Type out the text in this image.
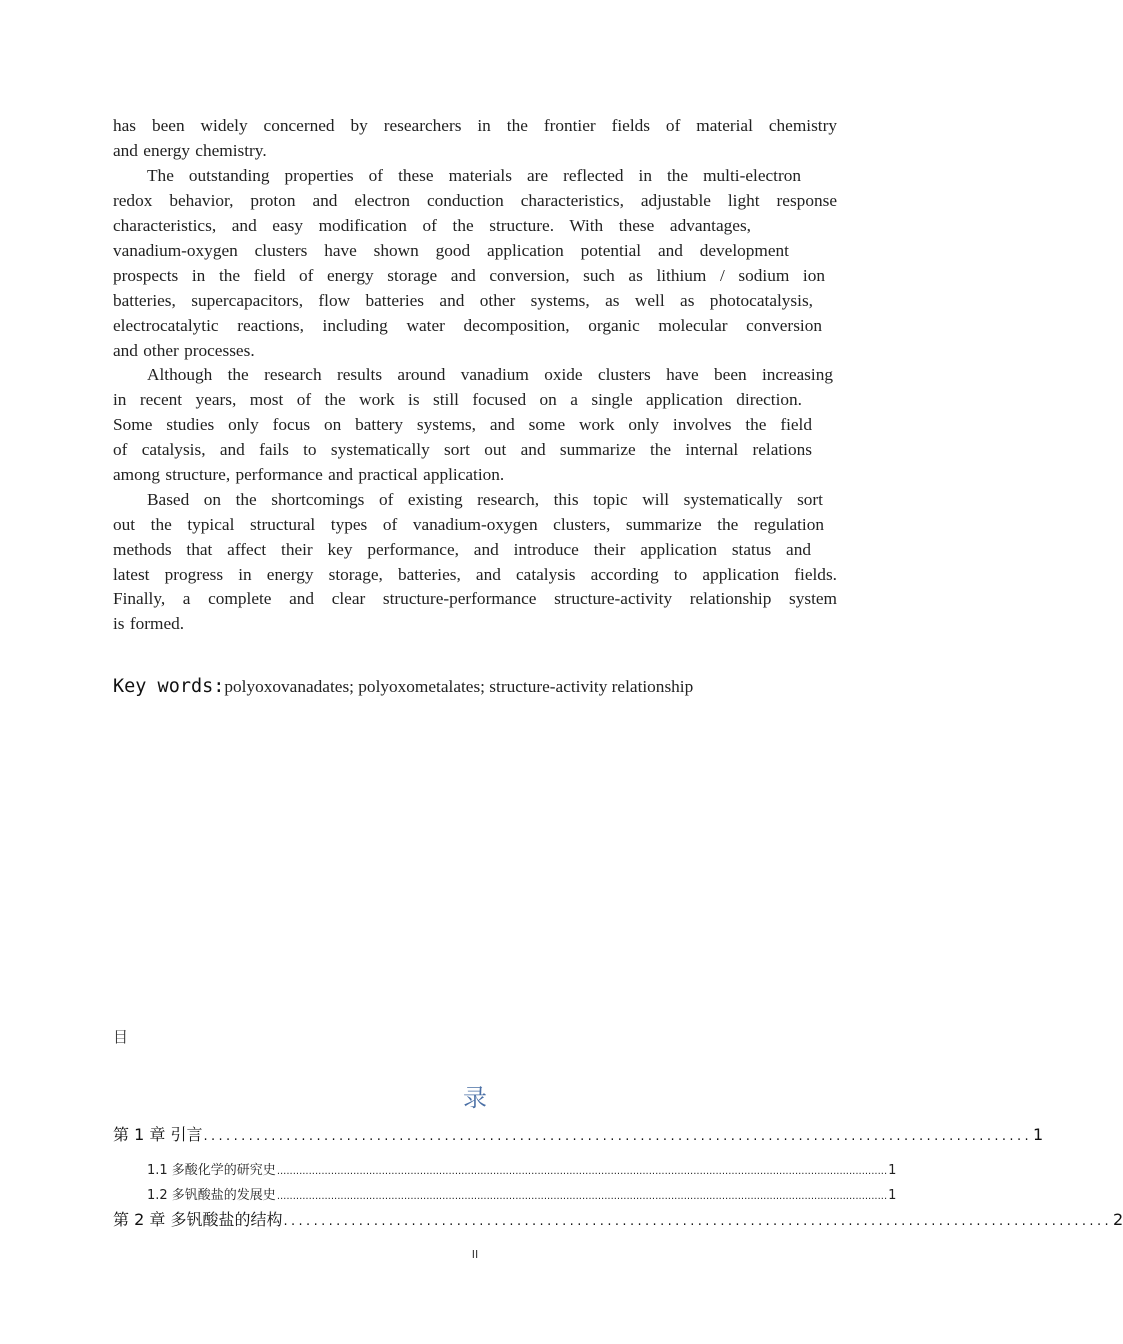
has been widely concerned by researchers in the frontier fields of material chemistry
and energy chemistry.
The outstanding properties of these materials are reflected in the multi-electron
redox behavior, proton and electron conduction characteristics, adjustable light response
characteristics, and easy modification of the structure. With these advantages,
vanadium-oxygen clusters have shown good application potential and development
prospects in the field of energy storage and conversion, such as lithium / sodium ion
batteries, supercapacitors, flow batteries and other systems, as well as photocatalysis,
electrocatalytic reactions, including water decomposition, organic molecular conversion
and other processes.
Although the research results around vanadium oxide clusters have been increasing
in recent years, most of the work is still focused on a single application direction.
Some studies only focus on battery systems, and some work only involves the field
of catalysis, and fails to systematically sort out and summarize the internal relations
among structure, performance and practical application.
Based on the shortcomings of existing research, this topic will systematically sort
out the typical structural types of vanadium-oxygen clusters, summarize the regulation
methods that affect their key performance, and introduce their application status and
latest progress in energy storage, batteries, and catalysis according to application fields.
Finally, a complete and clear structure-performance structure-activity relationship system
is formed.
Key words:polyoxovanadates; polyoxometalates; structure-activity relationship
目
录
第 1 章 引言 .............................................................................................................. 1
1.1 多酸化学的研究史 ................................................................................................................................................................................................ 1
1.2 多钒酸盐的发展史 ................................................................................................................................................................................................ 1
第 2 章 多钒酸盐的结构 .............................................................................................................. 2
II
